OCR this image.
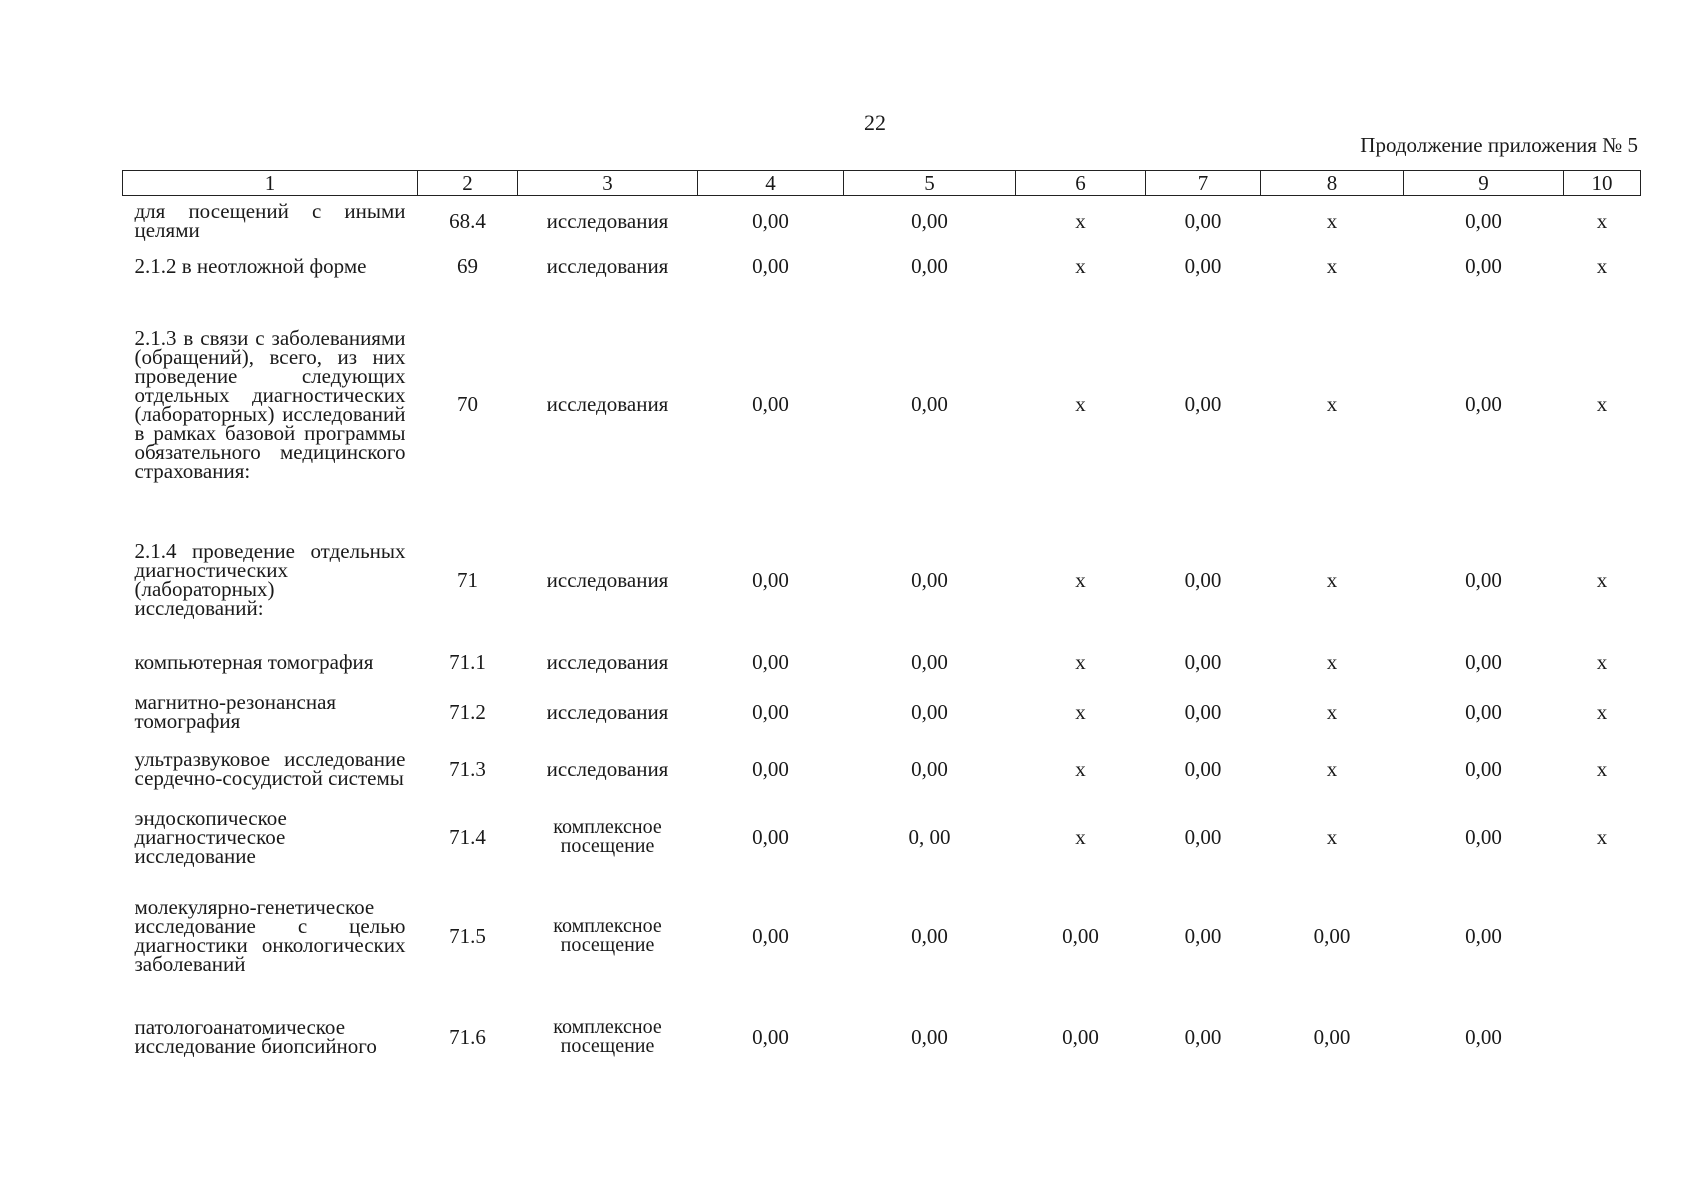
22
Продолжение приложения № 5
1	2	3	4	5	6	7	8	9	10
для посещений с иными целями	68.4	исследования	0,00	0,00	х	0,00	х	0,00	х
2.1.2 в неотложной форме	69	исследования	0,00	0,00	х	0,00	х	0,00	х
2.1.3 в связи с заболеваниями (обращений), всего, из них проведение следующих отдельных диагностических (лабораторных) исследований в рамках базовой программы обязательного медицинского страхования:	70	исследования	0,00	0,00	х	0,00	х	0,00	х
2.1.4 проведение отдельных диагностических (лабораторных) исследований:	71	исследования	0,00	0,00	х	0,00	х	0,00	х
компьютерная томография	71.1	исследования	0,00	0,00	х	0,00	х	0,00	х
магнитно-резонансная томография	71.2	исследования	0,00	0,00	х	0,00	х	0,00	х
ультразвуковое исследование сердечно-сосудистой системы	71.3	исследования	0,00	0,00	х	0,00	х	0,00	х
эндоскопическое диагностическое исследование	71.4	комплексное посещение	0,00	0, 00	х	0,00	х	0,00	х
молекулярно-генетическое исследование с целью диагностики онкологических заболеваний	71.5	комплексное посещение	0,00	0,00	0,00	0,00	0,00	0,00	
патологоанатомическое исследование биопсийного	71.6	комплексное посещение	0,00	0,00	0,00	0,00	0,00	0,00	
